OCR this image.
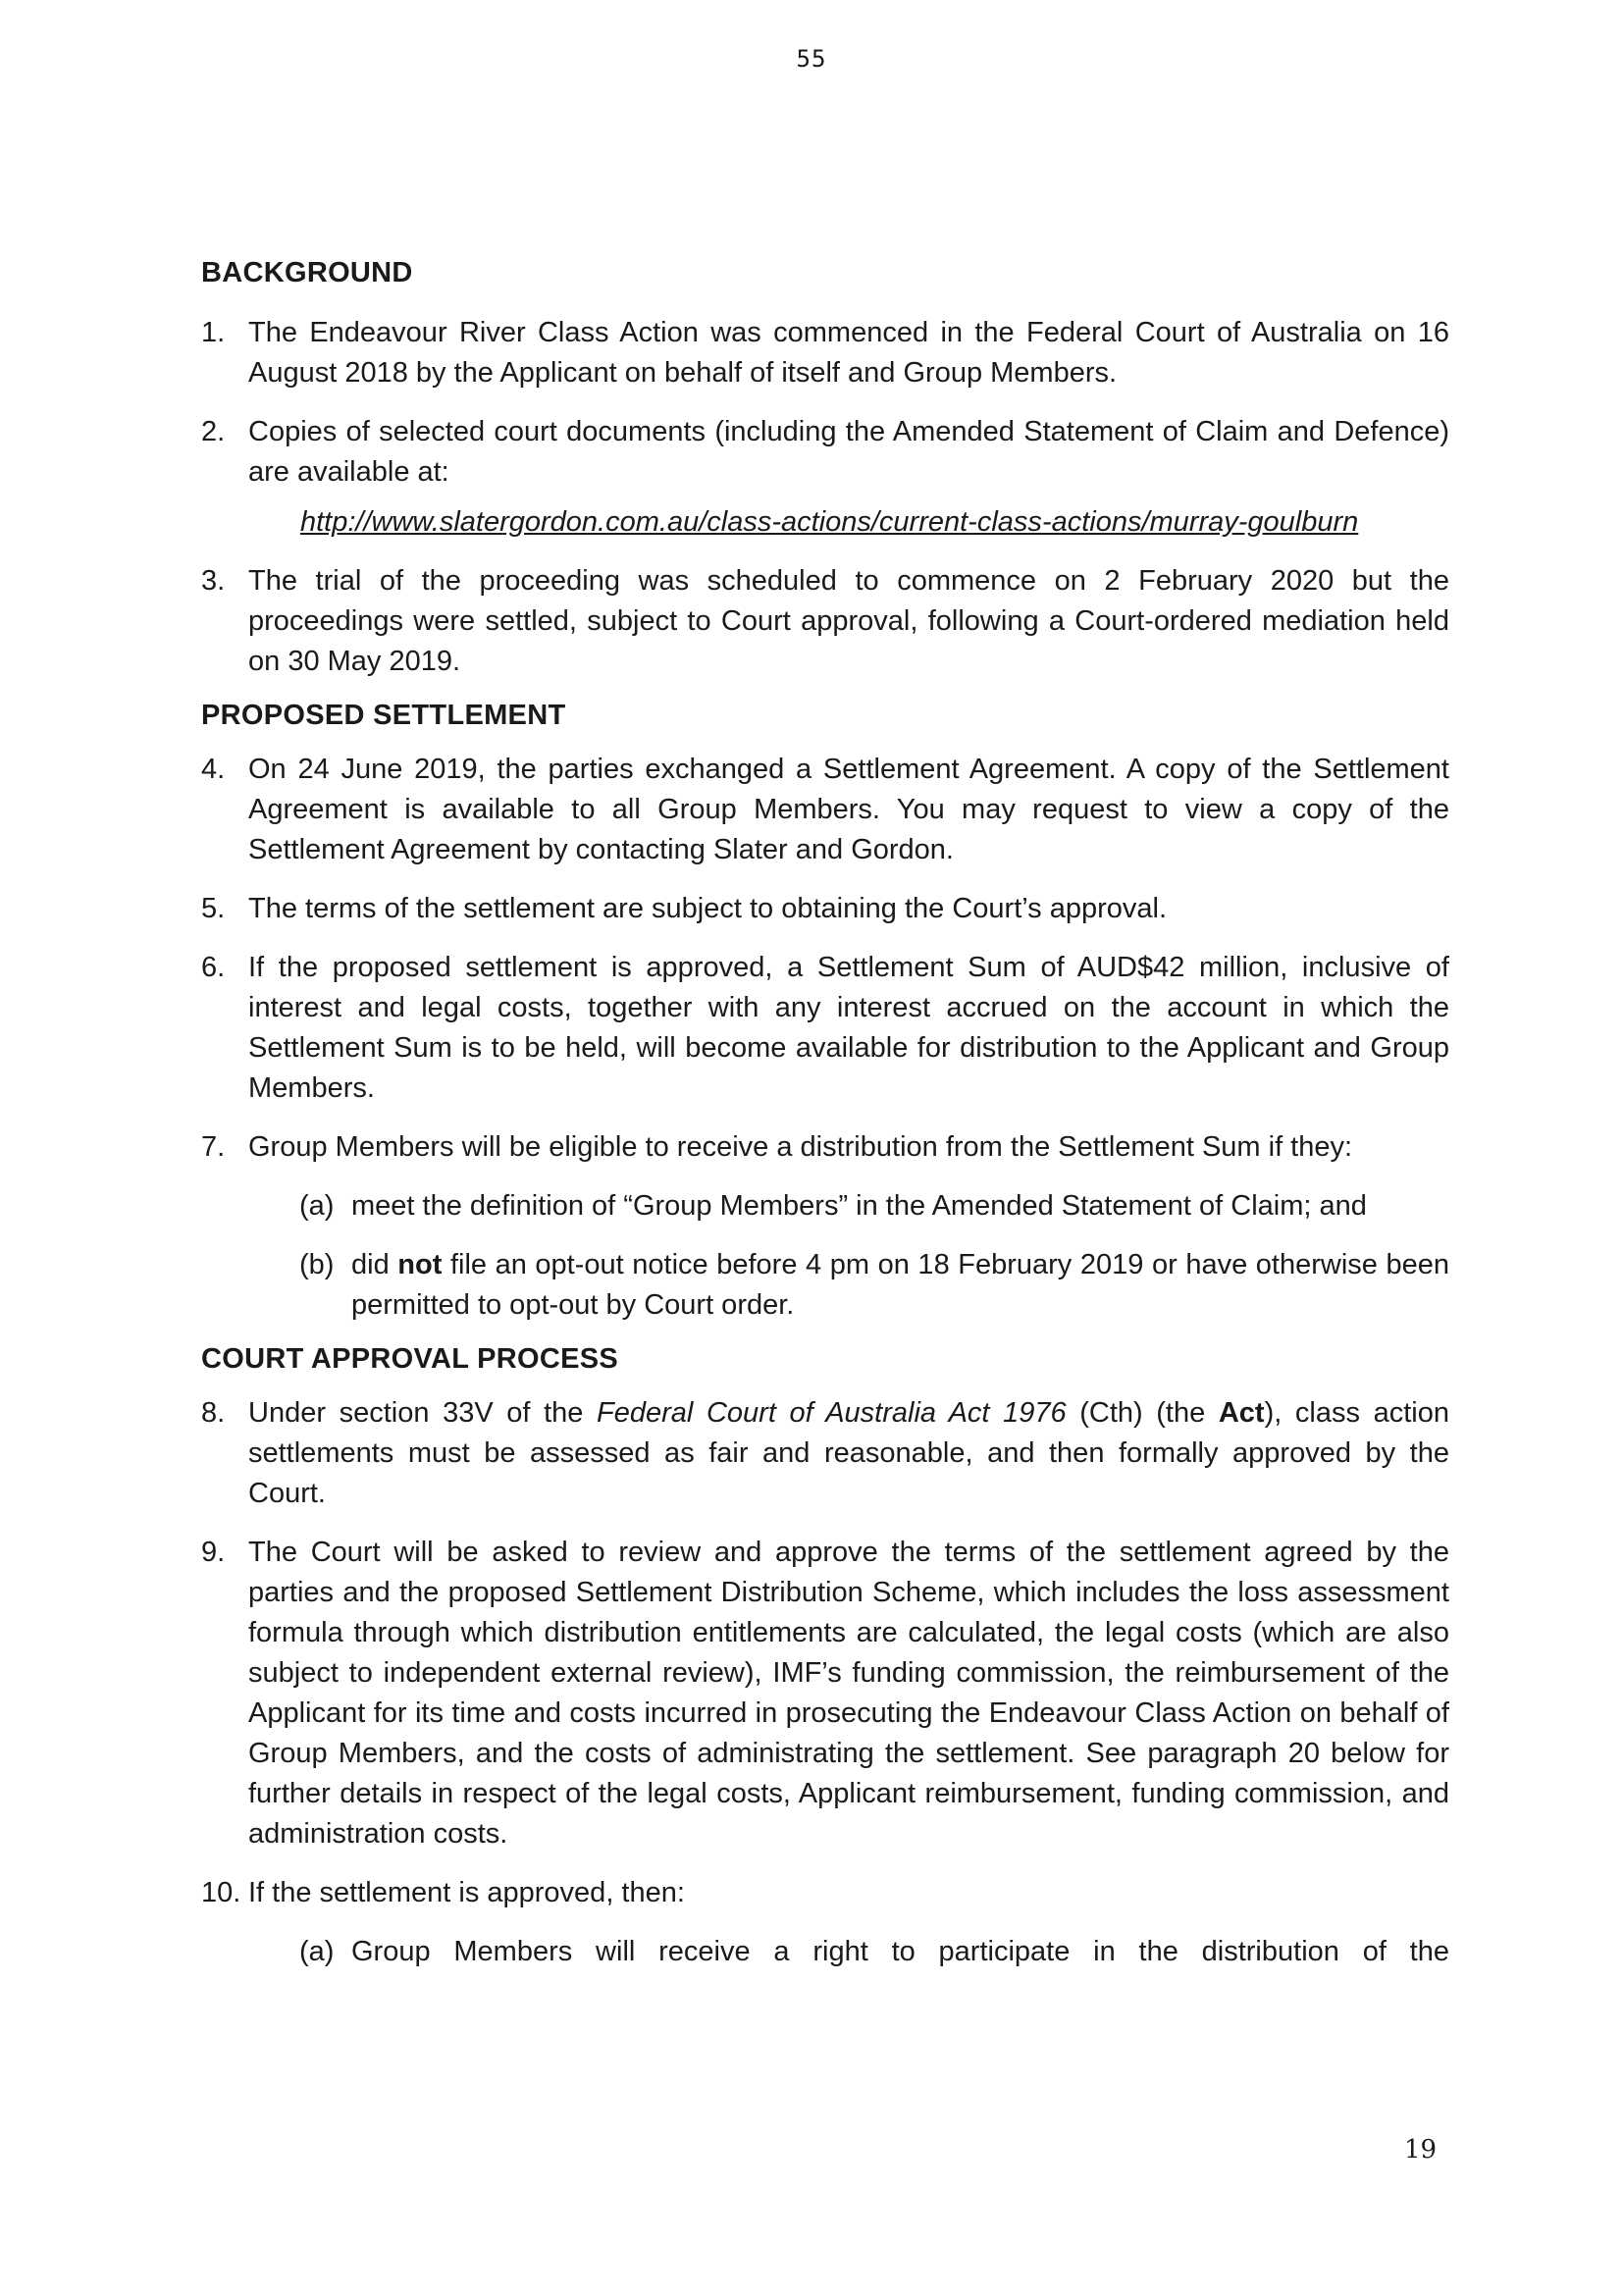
55
BACKGROUND
1. The Endeavour River Class Action was commenced in the Federal Court of Australia on 16 August 2018 by the Applicant on behalf of itself and Group Members.
2. Copies of selected court documents (including the Amended Statement of Claim and Defence) are available at:
http://www.slatergordon.com.au/class-actions/current-class-actions/murray-goulburn
3. The trial of the proceeding was scheduled to commence on 2 February 2020 but the proceedings were settled, subject to Court approval, following a Court-ordered mediation held on 30 May 2019.
PROPOSED SETTLEMENT
4. On 24 June 2019, the parties exchanged a Settlement Agreement. A copy of the Settlement Agreement is available to all Group Members. You may request to view a copy of the Settlement Agreement by contacting Slater and Gordon.
5. The terms of the settlement are subject to obtaining the Court’s approval.
6. If the proposed settlement is approved, a Settlement Sum of AUD$42 million, inclusive of interest and legal costs, together with any interest accrued on the account in which the Settlement Sum is to be held, will become available for distribution to the Applicant and Group Members.
7. Group Members will be eligible to receive a distribution from the Settlement Sum if they:
(a) meet the definition of “Group Members” in the Amended Statement of Claim; and
(b) did not file an opt-out notice before 4 pm on 18 February 2019 or have otherwise been permitted to opt-out by Court order.
COURT APPROVAL PROCESS
8. Under section 33V of the Federal Court of Australia Act 1976 (Cth) (the Act), class action settlements must be assessed as fair and reasonable, and then formally approved by the Court.
9. The Court will be asked to review and approve the terms of the settlement agreed by the parties and the proposed Settlement Distribution Scheme, which includes the loss assessment formula through which distribution entitlements are calculated, the legal costs (which are also subject to independent external review), IMF’s funding commission, the reimbursement of the Applicant for its time and costs incurred in prosecuting the Endeavour Class Action on behalf of Group Members, and the costs of administrating the settlement. See paragraph 20 below for further details in respect of the legal costs, Applicant reimbursement, funding commission, and administration costs.
10. If the settlement is approved, then:
(a) Group Members will receive a right to participate in the distribution of the
19
